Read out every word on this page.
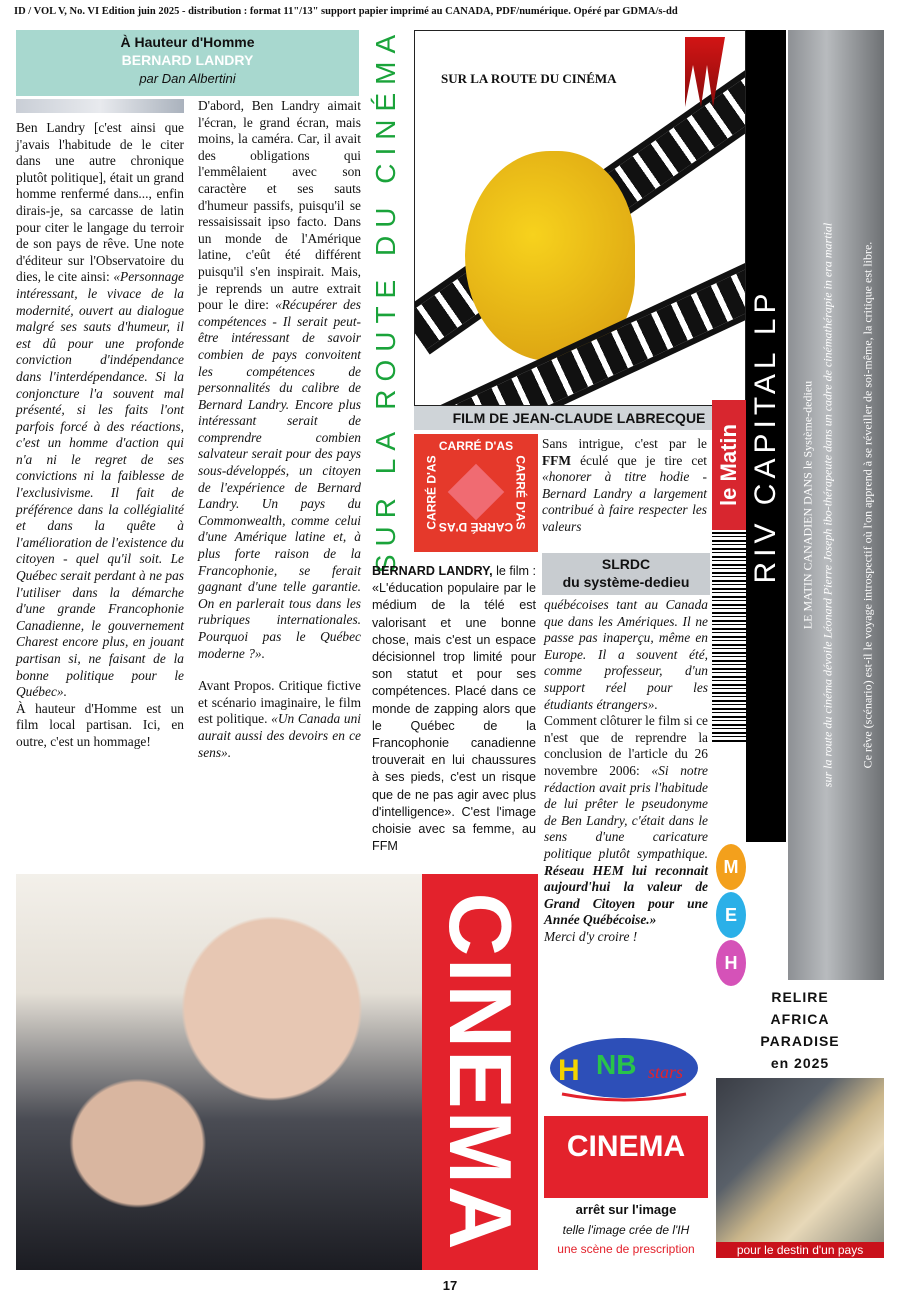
ID / VOL V, No. VI Édition juin 2025 - distribution : format 11"/13" support papier imprimé au CANADA, PDF/numérique. Opéré par GDMA/s-dd
À Hauteur d'Homme
BERNARD LANDRY
par Dan Albertini

Ben Landry [c'est ainsi que j'avais l'habitude de le citer dans une autre chronique plutôt politique], était un grand homme renfermé dans..., enfin dirais-je, sa carcasse de latin pour citer le langage du terroir de son pays de rêve. Une note d'éditeur sur l'Observatoire du dies, le cite ainsi: «Personnage intéressant, le vivace de la modernité, ouvert au dialogue malgré ses sauts d'humeur, il est dû pour une profonde conviction d'indépendance dans l'interdépendance. Si la conjoncture l'a souvent mal présenté, si les faits l'ont parfois forcé à des réactions, c'est un homme d'action qui n'a ni le regret de ses convictions ni la faiblesse de l'exclusivisme. Il fait de préférence dans la collégialité et dans la quête à l'amélioration de l'existence du citoyen - quel qu'il soit. Le Québec serait perdant à ne pas l'utiliser dans la démarche d'une grande Francophonie Canadienne, le gouvernement Charest encore plus, en jouant partisan si, ne faisant de la bonne politique pour le Québec».

À hauteur d'Homme est un film local partisan. Ici, en outre, c'est un hommage!

D'abord, Ben Landry aimait l'écran, le grand écran, mais moins, la caméra. Car, il avait des obligations qui l'emmêlaient avec son caractère et ses sauts d'humeur passifs, puisqu'il se ressaisissait ipso facto. Dans un monde de l'Amérique latine, c'eût été différent puisqu'il s'en inspirait. Mais, je reprends un autre extrait pour le dire: «Récupérer des compétences - Il serait peut-être intéressant de savoir combien de pays convoitent les compétences de personnalités du calibre de Bernard Landry. Encore plus intéressant serait de comprendre combien salvateur serait pour des pays sous-développés, un citoyen de l'expérience de Bernard Landry. Un pays du Commonwealth, comme celui d'une Amérique latine et, à plus forte raison de la Francophonie, se ferait gagnant d'une telle garantie. On en parlerait tous dans les rubriques internationales. Pourquoi pas le Québec moderne ?».

Avant Propos. Critique fictive et scénario imaginaire, le film est politique. «Un Canada uni aurait aussi des devoirs en ce sens».

SUR LA ROUTE DU CINÉMA	SUR LA ROUTE DU CINÉMA
FILM DE JEAN-CLAUDE LABRECQUE
CARRÉ D'AS
CARRÉ D'AS	CARRÉ D'AS
CARRÉ D'AS

Sans intrigue, c'est par le FFM éculé que je tire cet «honorer à titre hodie - Bernard Landry a largement contribué à faire respecter les valeurs

SLRDC
du système-dedieu
BERNARD LANDRY, le film : «L'éducation populaire par le médium de la télé est valorisant et une bonne chose, mais c'est un espace décisionnel trop limité pour son statut et pour ses compétences. Placé dans ce monde de zapping alors que le Québec de la Francophonie canadienne trouverait en lui chaussures à ses pieds, c'est un risque que de ne pas agir avec plus d'intelligence». C'est l'image choisie avec sa femme, au FFM

québécoises tant au Canada que dans les Amériques. Il ne passe pas inaperçu, même en Europe. Il a souvent été, comme professeur, d'un support réel pour les étudiants étrangers».

Comment clôturer le film si ce n'est que de reprendre la conclusion de l'article du 26 novembre 2006: «Si notre rédaction avait pris l'habitude de lui prêter le pseudonyme de Ben Landry, c'était dans le sens d'une caricature politique plutôt sympathique. Réseau HEM lui reconnait aujourd'hui la valeur de Grand Citoyen pour une Année Québécoise.»

Merci d'y croire !

le Matin RIV CAPITAL LP LE MATIN CANADIEN DANS le Système-dedieu sur la route du cinéma dévoile Léonard Pierre Joseph ibo-thérapeute dans un cadre de cinémathérapie in era martial Ce rêve (scénario) est-il le voyage introspectif où l'on apprend à se réveiller de soi-même, la critique est libre.
H
E
M
RELIRE
AFRICA
PARADISE
en 2025
pour le destin d'un pays
CINEMA H NB stars
CINEMA
arrêt sur l'image
telle l'image crée de l'IH
une scène de prescription
17
